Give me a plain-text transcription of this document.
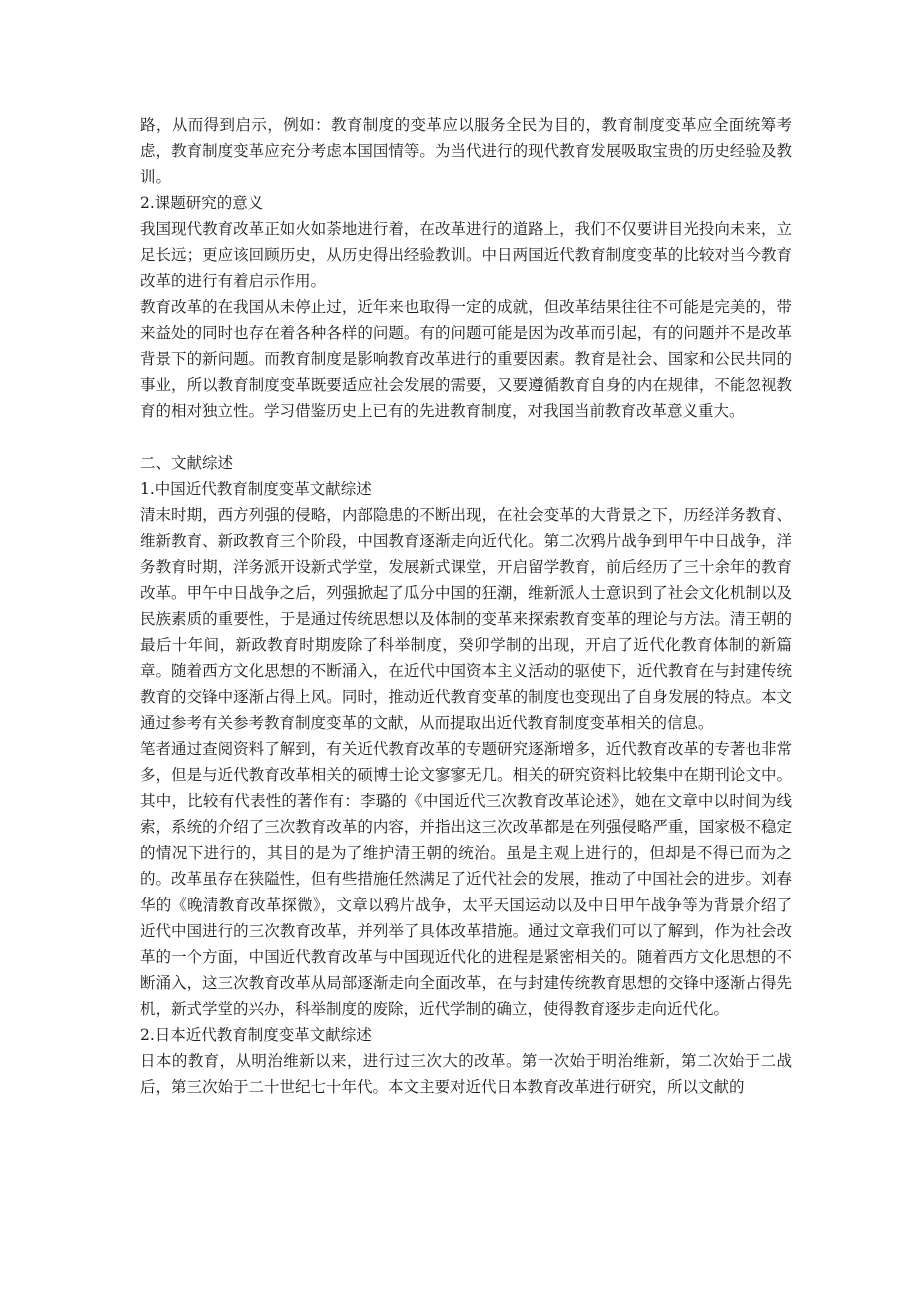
路，从而得到启示，例如：教育制度的变革应以服务全民为目的，教育制度变革应全面统筹考虑，教育制度变革应充分考虑本国国情等。为当代进行的现代教育发展吸取宝贵的历史经验及教训。

2.课题研究的意义

我国现代教育改革正如火如荼地进行着，在改革进行的道路上，我们不仅要讲目光投向未来，立足长远；更应该回顾历史，从历史得出经验教训。中日两国近代教育制度变革的比较对当今教育改革的进行有着启示作用。

教育改革的在我国从未停止过，近年来也取得一定的成就，但改革结果往往不可能是完美的，带来益处的同时也存在着各种各样的问题。有的问题可能是因为改革而引起，有的问题并不是改革背景下的新问题。而教育制度是影响教育改革进行的重要因素。教育是社会、国家和公民共同的事业，所以教育制度变革既要适应社会发展的需要，又要遵循教育自身的内在规律，不能忽视教育的相对独立性。学习借鉴历史上已有的先进教育制度，对我国当前教育改革意义重大。

二、文献综述

1.中国近代教育制度变革文献综述

清末时期，西方列强的侵略，内部隐患的不断出现，在社会变革的大背景之下，历经洋务教育、维新教育、新政教育三个阶段，中国教育逐渐走向近代化。第二次鸦片战争到甲午中日战争，洋务教育时期，洋务派开设新式学堂，发展新式课堂，开启留学教育，前后经历了三十余年的教育改革。甲午中日战争之后，列强掀起了瓜分中国的狂潮，维新派人士意识到了社会文化机制以及民族素质的重要性，于是通过传统思想以及体制的变革来探索教育变革的理论与方法。清王朝的最后十年间，新政教育时期废除了科举制度，癸卯学制的出现，开启了近代化教育体制的新篇章。随着西方文化思想的不断涌入，在近代中国资本主义活动的驱使下，近代教育在与封建传统教育的交锋中逐渐占得上风。同时，推动近代教育变革的制度也变现出了自身发展的特点。本文通过参考有关参考教育制度变革的文献，从而提取出近代教育制度变革相关的信息。

笔者通过查阅资料了解到，有关近代教育改革的专题研究逐渐增多，近代教育改革的专著也非常多，但是与近代教育改革相关的硕博士论文寥寥无几。相关的研究资料比较集中在期刊论文中。其中，比较有代表性的著作有：李璐的《中国近代三次教育改革论述》，她在文章中以时间为线索，系统的介绍了三次教育改革的内容，并指出这三次改革都是在列强侵略严重，国家极不稳定的情况下进行的，其目的是为了维护清王朝的统治。虽是主观上进行的，但却是不得已而为之的。改革虽存在狭隘性，但有些措施任然满足了近代社会的发展，推动了中国社会的进步。刘春华的《晚清教育改革探微》，文章以鸦片战争，太平天国运动以及中日甲午战争等为背景介绍了近代中国进行的三次教育改革，并列举了具体改革措施。通过文章我们可以了解到，作为社会改革的一个方面，中国近代教育改革与中国现近代化的进程是紧密相关的。随着西方文化思想的不断涌入，这三次教育改革从局部逐渐走向全面改革，在与封建传统教育思想的交锋中逐渐占得先机，新式学堂的兴办，科举制度的废除，近代学制的确立，使得教育逐步走向近代化。

2.日本近代教育制度变革文献综述

日本的教育，从明治维新以来，进行过三次大的改革。第一次始于明治维新，第二次始于二战后，第三次始于二十世纪七十年代。本文主要对近代日本教育改革进行研究，所以文献的
